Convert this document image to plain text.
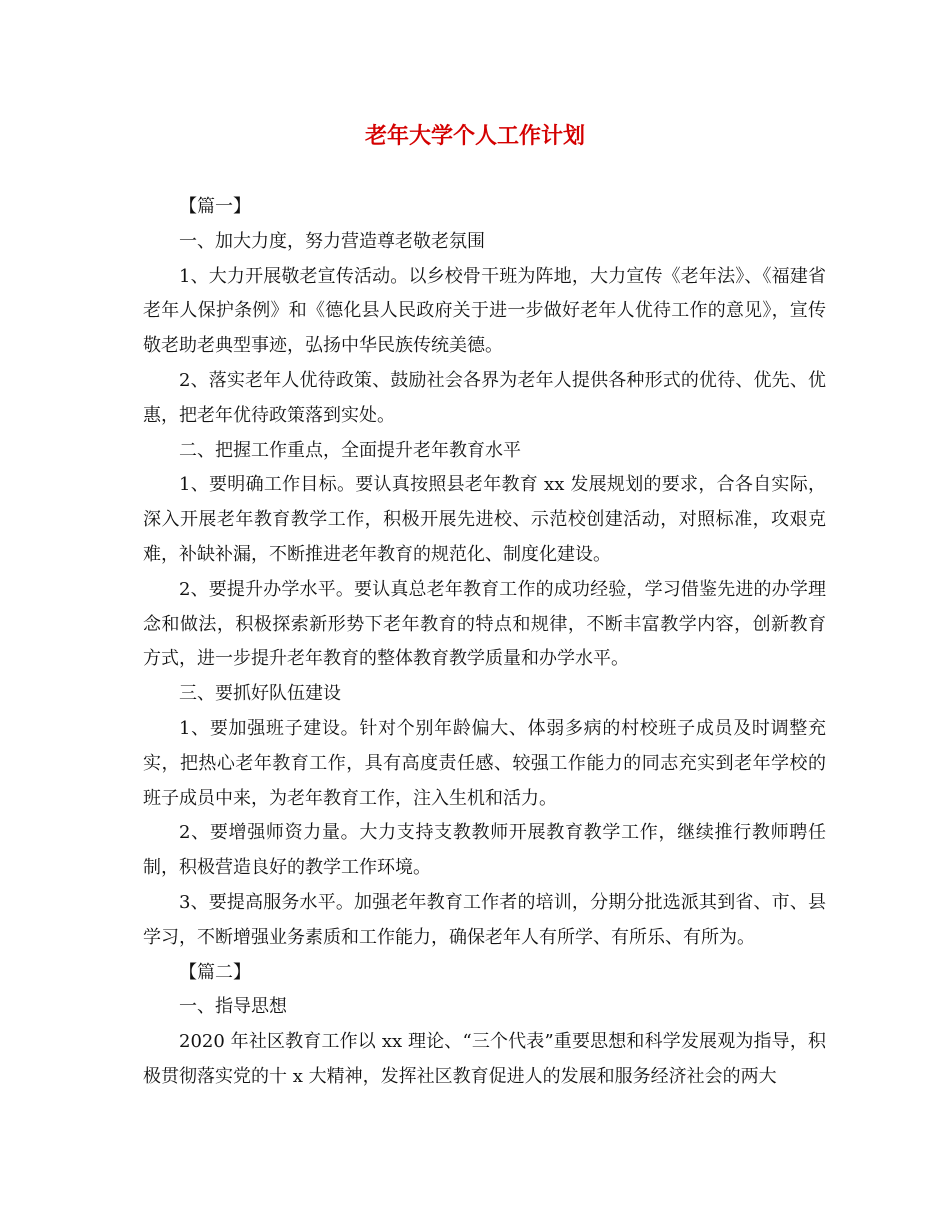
老年大学个人工作计划

【篇一】

一、加大力度，努力营造尊老敬老氛围

1、大力开展敬老宣传活动。以乡校骨干班为阵地，大力宣传《老年法》、《福建省老年人保护条例》和《德化县人民政府关于进一步做好老年人优待工作的意见》，宣传敬老助老典型事迹，弘扬中华民族传统美德。

2、落实老年人优待政策、鼓励社会各界为老年人提供各种形式的优待、优先、优惠，把老年优待政策落到实处。

二、把握工作重点，全面提升老年教育水平

1、要明确工作目标。要认真按照县老年教育 xx 发展规划的要求，合各自实际，深入开展老年教育教学工作，积极开展先进校、示范校创建活动，对照标准，攻艰克难，补缺补漏，不断推进老年教育的规范化、制度化建设。

2、要提升办学水平。要认真总老年教育工作的成功经验，学习借鉴先进的办学理念和做法，积极探索新形势下老年教育的特点和规律，不断丰富教学内容，创新教育方式，进一步提升老年教育的整体教育教学质量和办学水平。

三、要抓好队伍建设

1、要加强班子建设。针对个别年龄偏大、体弱多病的村校班子成员及时调整充实，把热心老年教育工作，具有高度责任感、较强工作能力的同志充实到老年学校的班子成员中来，为老年教育工作，注入生机和活力。

2、要增强师资力量。大力支持支教教师开展教育教学工作，继续推行教师聘任制，积极营造良好的教学工作环境。

3、要提高服务水平。加强老年教育工作者的培训，分期分批选派其到省、市、县学习，不断增强业务素质和工作能力，确保老年人有所学、有所乐、有所为。

【篇二】

一、指导思想

2020 年社区教育工作以 xx 理论、“三个代表”重要思想和科学发展观为指导，积极贯彻落实党的十 x 大精神，发挥社区教育促进人的发展和服务经济社会的两大
